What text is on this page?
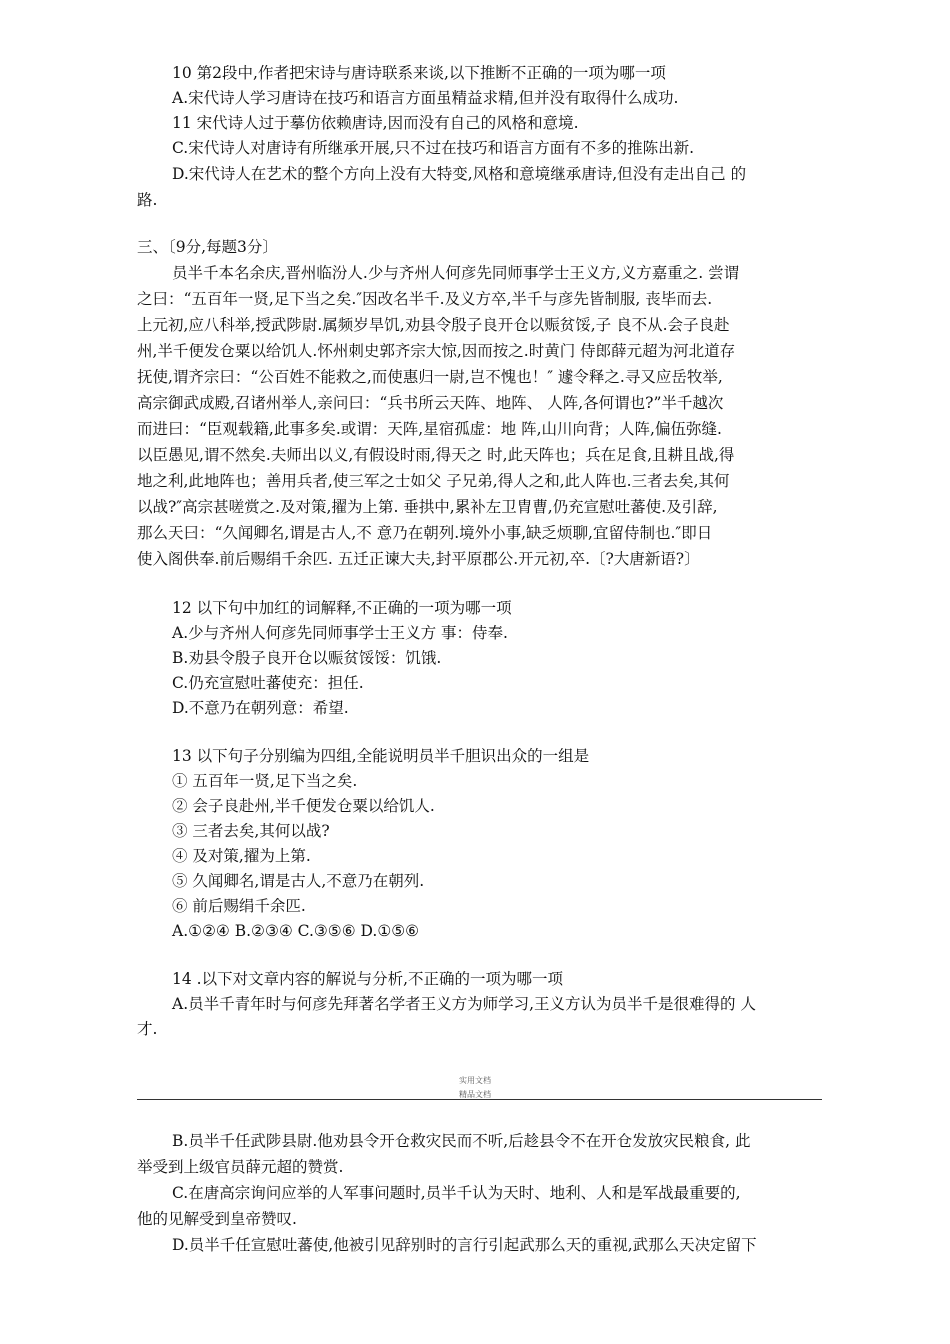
10 第2段中,作者把宋诗与唐诗联系来谈,以下推断不正确的一项为哪一项
A.宋代诗人学习唐诗在技巧和语言方面虽精益求精,但并没有取得什么成功.
11 宋代诗人过于摹仿依赖唐诗,因而没有自己的风格和意境.
C.宋代诗人对唐诗有所继承开展,只不过在技巧和语言方面有不多的推陈出新.
D.宋代诗人在艺术的整个方向上没有大特变,风格和意境继承唐诗,但没有走出自己 的
路.
三、〔9分,每题3分〕
员半千本名余庆,晋州临汾人.少与齐州人何彦先同师事学士王义方,义方嘉重之. 尝谓
之曰：“五百年一贤,足下当之矣.″因改名半千.及义方卒,半千与彦先皆制服, 丧毕而去.
上元初,应八科举,授武陟尉.属频岁旱饥,劝县令殷子良开仓以赈贫馁,子 良不从.会子良赴
州,半千便发仓粟以给饥人.怀州刺史郭齐宗大惊,因而按之.时黄门 侍郎薛元超为河北道存
抚使,谓齐宗曰：“公百姓不能救之,而使惠归一尉,岂不愧也！″ 遽令释之.寻又应岳牧举,
高宗御武成殿,召诸州举人,亲问曰：“兵书所云天阵、地阵、 人阵,各何谓也?”半千越次
而进曰：“臣观载籍,此事多矣.或谓：天阵,星宿孤虚：地 阵,山川向背；人阵,偏伍弥缝.
以臣愚见,谓不然矣.夫师出以义,有假设时雨,得天之 时,此天阵也；兵在足食,且耕且战,得
地之利,此地阵也；善用兵者,使三军之士如父 子兄弟,得人之和,此人阵也.三者去矣,其何
以战?″高宗甚嗟赏之.及对策,擢为上第. 垂拱中,累补左卫胄曹,仍充宣慰吐蕃使.及引辞,
那么天曰：“久闻卿名,谓是古人,不 意乃在朝列.境外小事,缺乏烦聊,宜留侍制也.″即日
使入阁供奉.前后赐绢千余匹. 五迁正谏大夫,封平原郡公.开元初,卒.〔?大唐新语?〕
12 以下句中加红的词解释,不正确的一项为哪一项
A.少与齐州人何彦先同师事学士王义方 事：侍奉.
B.劝县令殷子良开仓以赈贫馁馁：饥饿.
C.仍充宣慰吐蕃使充：担任.
D.不意乃在朝列意：希望.
13 以下句子分别编为四组,全能说明员半千胆识出众的一组是
① 五百年一贤,足下当之矣.
② 会子良赴州,半千便发仓粟以给饥人.
③ 三者去矣,其何以战?
④ 及对策,擢为上第.
⑤ 久闻卿名,谓是古人,不意乃在朝列.
⑥ 前后赐绢千余匹.
A.①②④ B.②③④ C.③⑤⑥ D.①⑤⑥
14 .以下对文章内容的解说与分析,不正确的一项为哪一项
A.员半千青年时与何彦先拜著名学者王义方为师学习,王义方认为员半千是很难得的 人
才.
实用文档
精品文档
B.员半千任武陟县尉.他劝县令开仓救灾民而不听,后趁县令不在开仓发放灾民粮食, 此
举受到上级官员薛元超的赞赏.
C.在唐高宗询问应举的人军事问题时,员半千认为天时、地利、人和是军战最重要的,
他的见解受到皇帝赞叹.
D.员半千任宣慰吐蕃使,他被引见辞别时的言行引起武那么天的重视,武那么天决定留下
